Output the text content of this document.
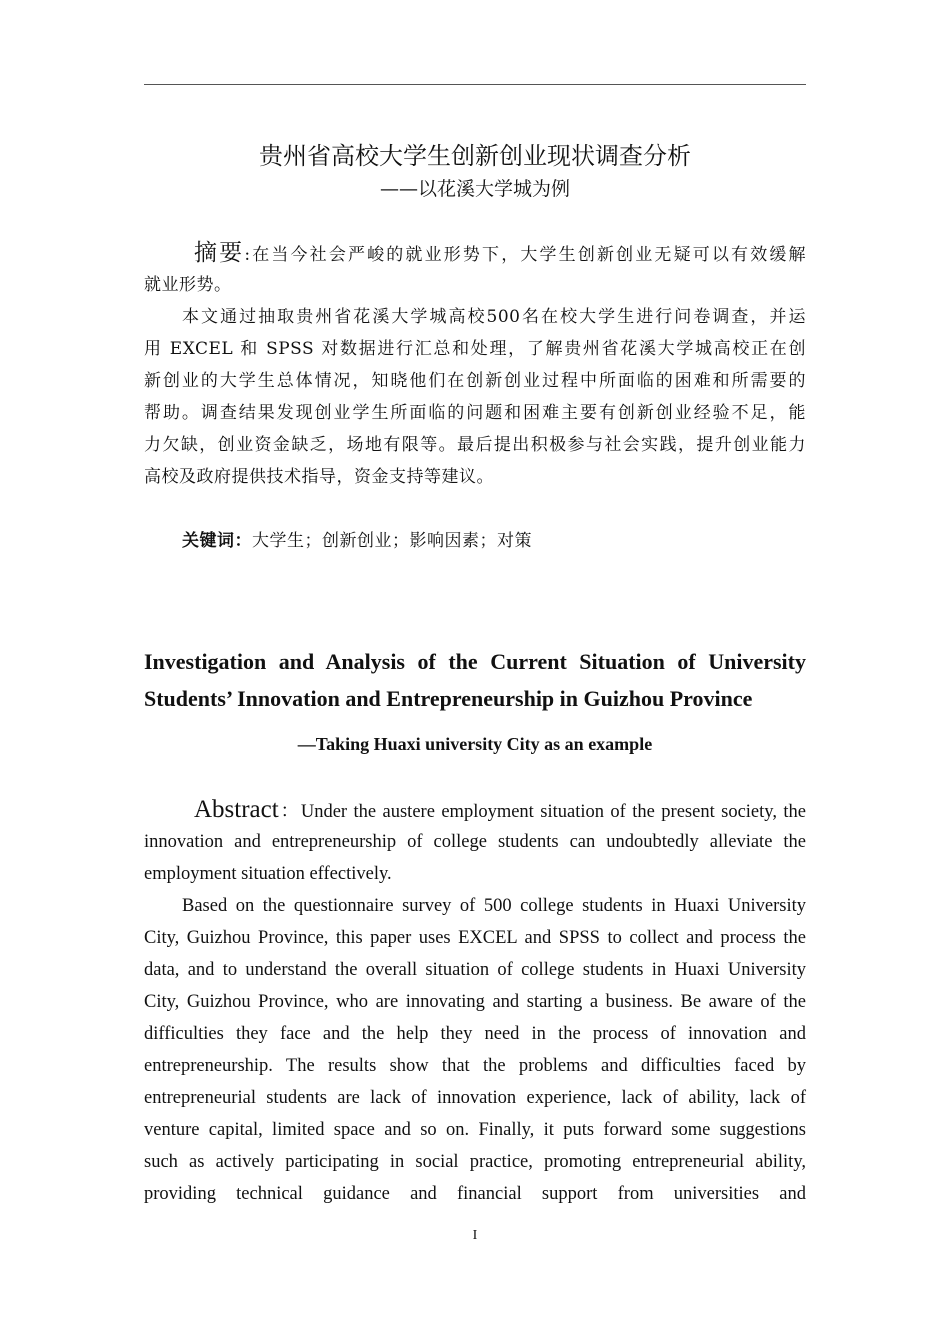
贵州省高校大学生创新创业现状调查分析
——以花溪大学城为例
摘要:在当今社会严峻的就业形势下，大学生创新创业无疑可以有效缓解
就业形势。
本文通过抽取贵州省花溪大学城高校500名在校大学生进行问卷调查，并运
用 EXCEL 和 SPSS 对数据进行汇总和处理，了解贵州省花溪大学城高校正在创
新创业的大学生总体情况，知晓他们在创新创业过程中所面临的困难和所需要的
帮助。调查结果发现创业学生所面临的问题和困难主要有创新创业经验不足，能
力欠缺，创业资金缺乏，场地有限等。最后提出积极参与社会实践，提升创业能力
高校及政府提供技术指导，资金支持等建议。
关键词：大学生；创新创业；影响因素；对策
Investigation and Analysis of the Current Situation of University
Students’ Innovation and Entrepreneurship in Guizhou Province
—Taking Huaxi university City as an example
Abstract：Under the austere employment situation of the present society, the
innovation and entrepreneurship of college students can undoubtedly alleviate the
employment situation effectively.
Based on the questionnaire survey of 500 college students in Huaxi University
City, Guizhou Province, this paper uses EXCEL and SPSS to collect and process the
data, and to understand the overall situation of college students in Huaxi University
City, Guizhou Province, who are innovating and starting a business. Be aware of the
difficulties they face and the help they need in the process of innovation and
entrepreneurship. The results show that the problems and difficulties faced by
entrepreneurial students are lack of innovation experience, lack of ability, lack of
venture capital, limited space and so on. Finally, it puts forward some suggestions
such as actively participating in social practice, promoting entrepreneurial ability,
providing technical guidance and financial support from universities and
I
